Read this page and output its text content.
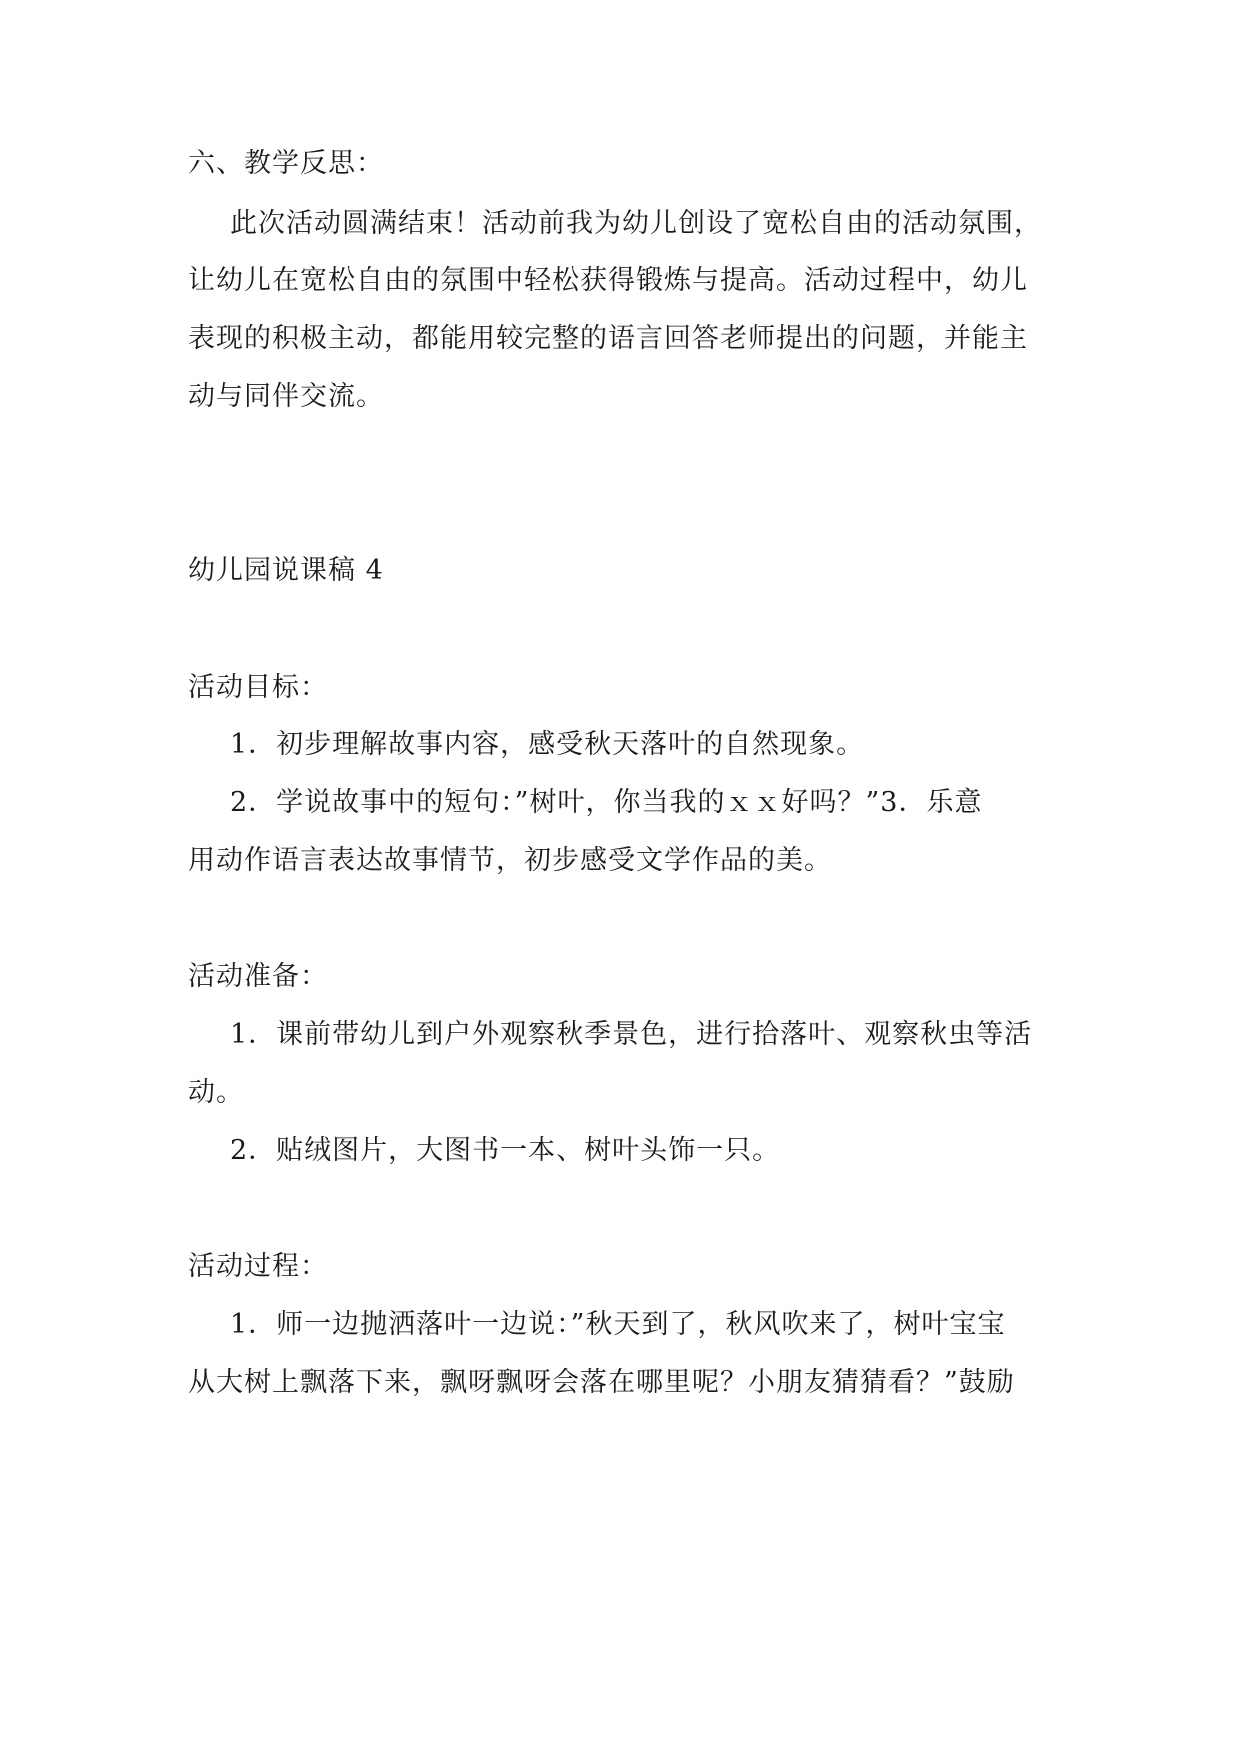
六、教学反思：
此次活动圆满结束！活动前我为幼儿创设了宽松自由的活动氛围，
让幼儿在宽松自由的氛围中轻松获得锻炼与提高。活动过程中，幼儿
表现的积极主动，都能用较完整的语言回答老师提出的问题，并能主
动与同伴交流。
幼儿园说课稿 4
活动目标：
1．初步理解故事内容，感受秋天落叶的自然现象。
2．学说故事中的短句：”树叶，你当我的ｘｘ好吗？”3．乐意
用动作语言表达故事情节，初步感受文学作品的美。
活动准备：
1．课前带幼儿到户外观察秋季景色，进行拾落叶、观察秋虫等活
动。
2．贴绒图片，大图书一本、树叶头饰一只。
活动过程：
1．师一边抛洒落叶一边说：”秋天到了，秋风吹来了，树叶宝宝
从大树上飘落下来，飘呀飘呀会落在哪里呢？小朋友猜猜看？”鼓励
